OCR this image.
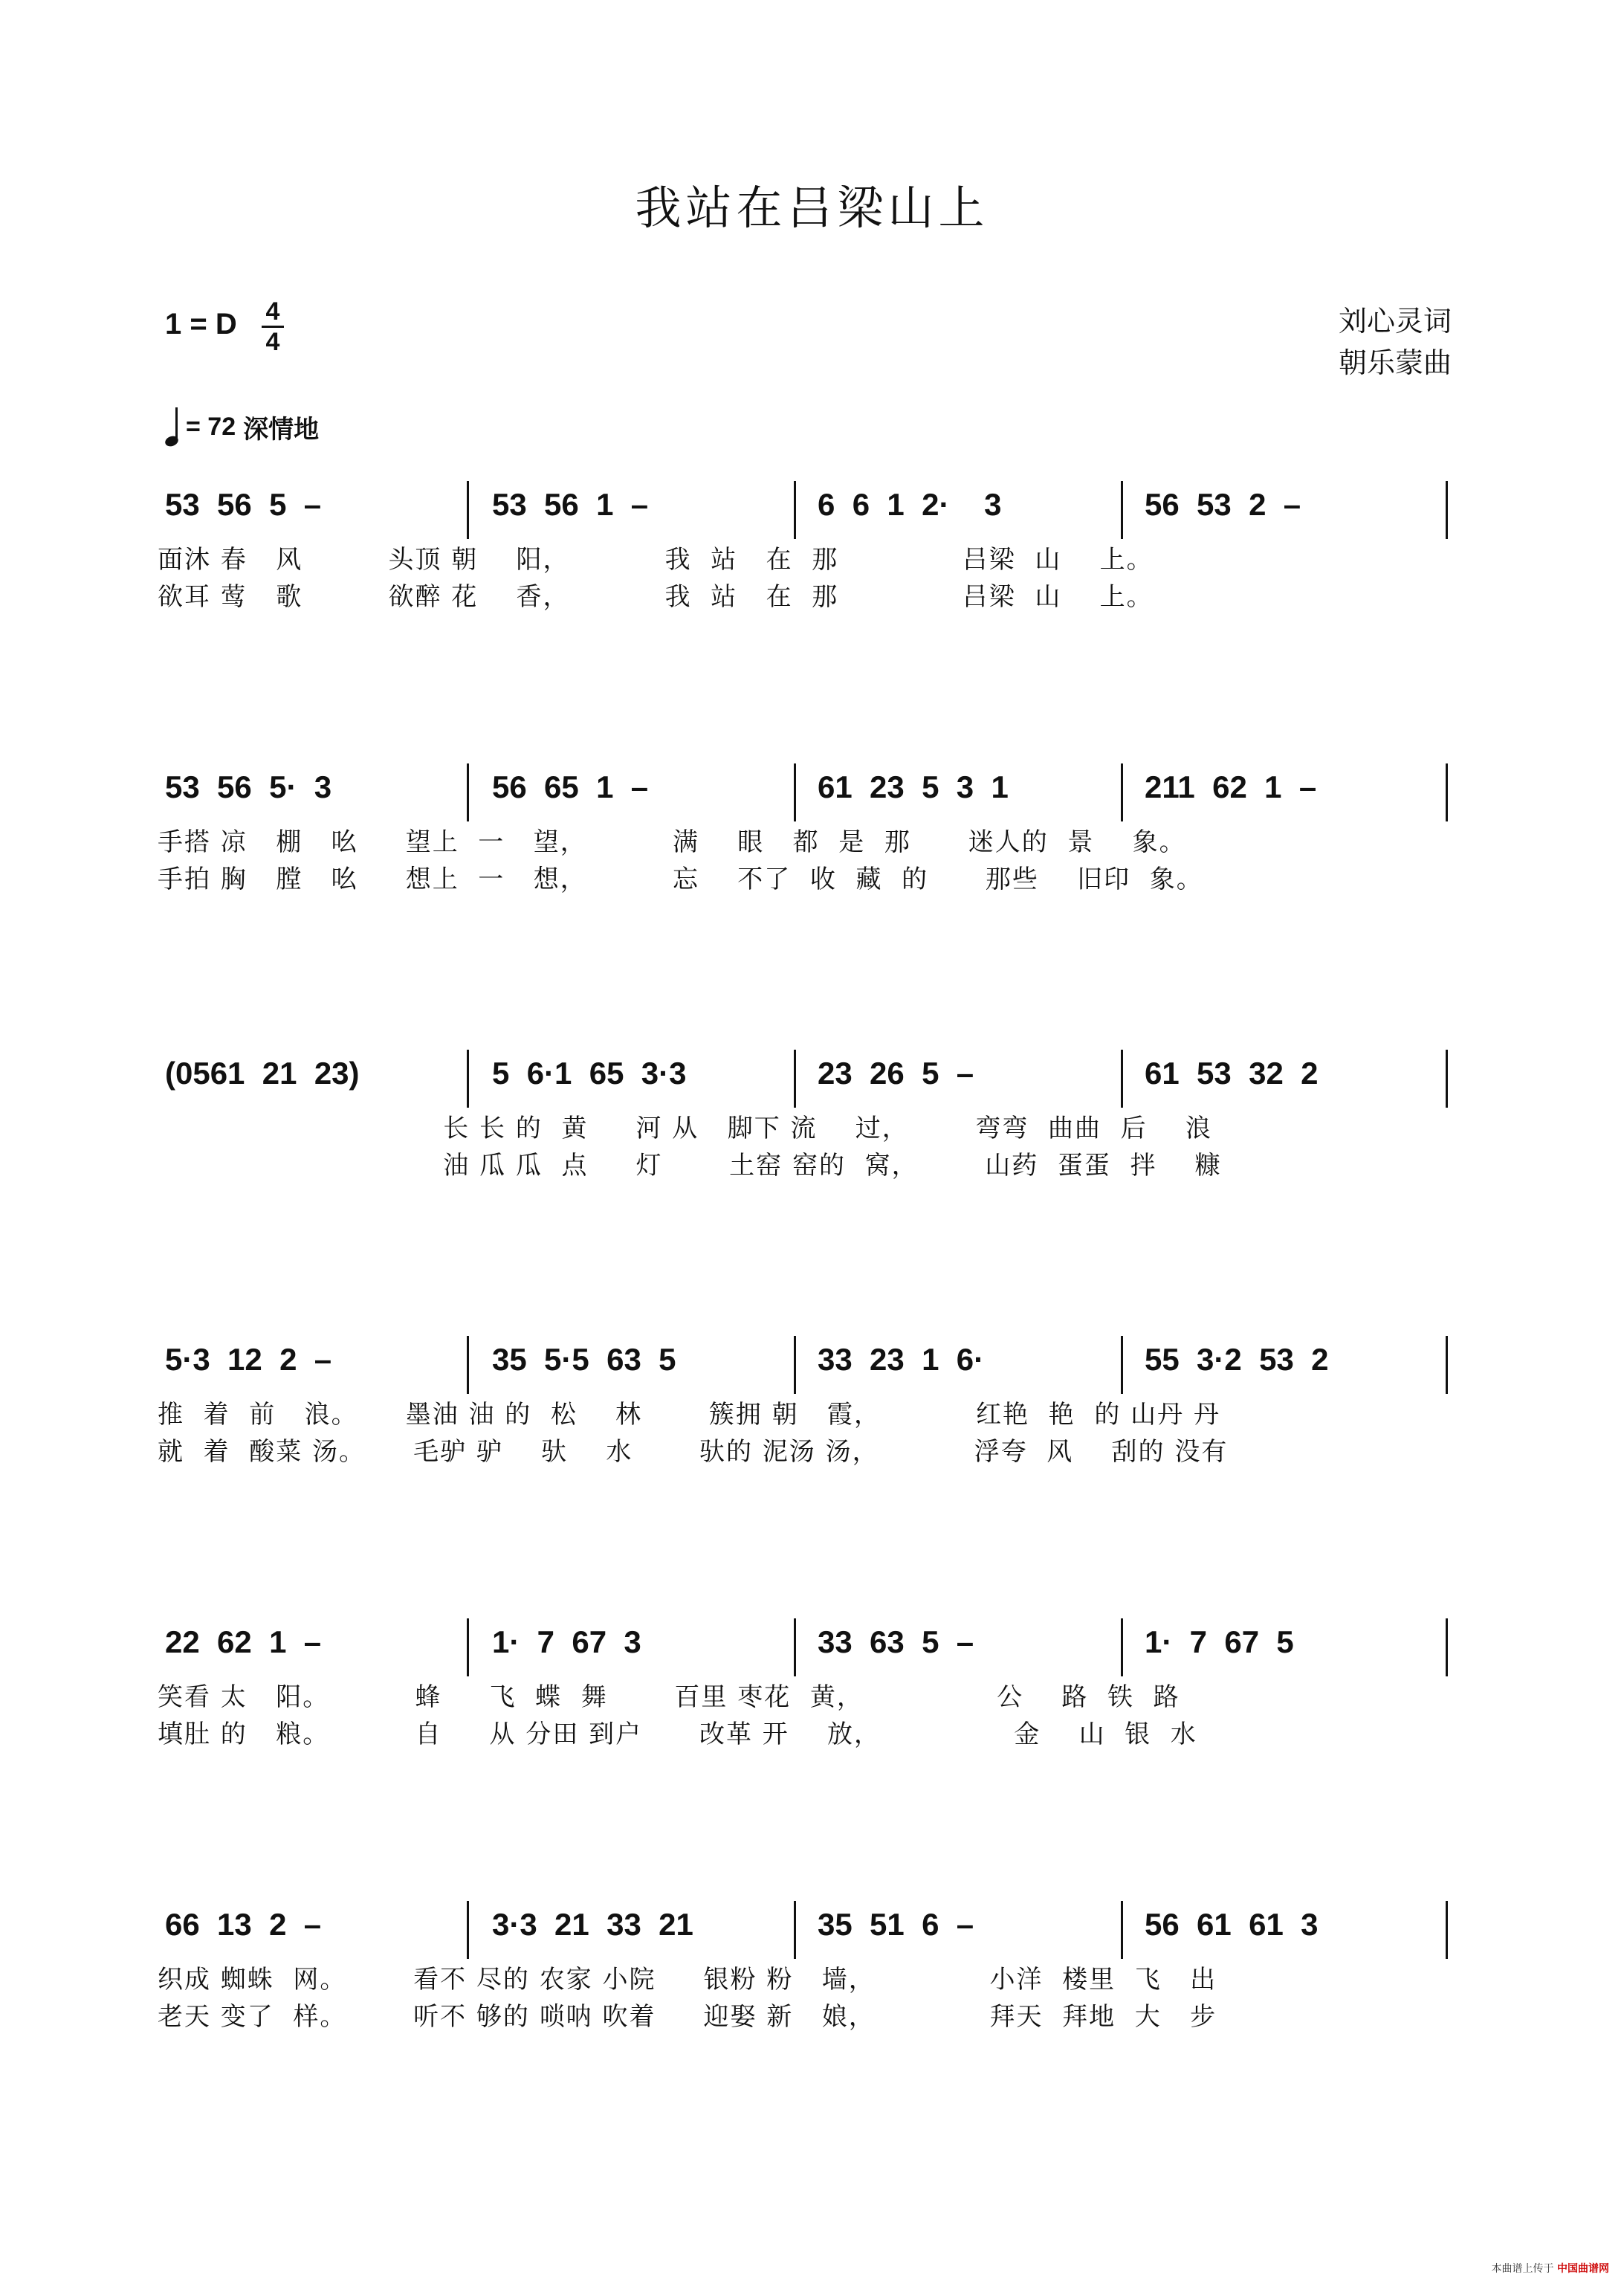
我站在吕梁山上
1 = D 4
4
刘心灵词
朝乐蒙曲
= 72 深情地
53  56  5  –	53  56  1  –	6  6  1  2·    3	56  53  2  –
面沐 春   风         头顶 朝    阳，          我  站   在  那             吕梁  山    上。
欲耳 莺   歌         欲醉 花    香，          我  站   在  那             吕梁  山    上。
53  56  5·  3	56  65  1  –	61  23  5  3  1	211  62  1  –
手搭 凉   棚   吆     望上  一   望，         满    眼   都  是  那      迷人的  景    象。
手拍 胸   膛   吆     想上  一   想，         忘    不了  收  藏  的      那些    旧印  象。
(0561  21  23)	5  6·1  65  3·3	23  26  5  –	61  53  32  2
长 长 的  黄     河 从   脚下 流    过，       弯弯  曲曲  后    浪
油 瓜 瓜  点     灯       土窑 窑的  窝，       山药  蛋蛋  拌    糠
5·3  12  2  –	35  5·5  63  5	33  23  1  6·	55  3·2  53  2
推  着  前   浪。     墨油 油 的  松    林       簇拥 朝   霞，          红艳  艳  的 山丹 丹
就  着  酸菜 汤。     毛驴 驴    驮    水       驮的 泥汤 汤，          浮夸  风    刮的 没有
22  62  1  –	1·  7  67  3	33  63  5  –	1·  7  67  5
笑看 太   阳。         蜂     飞  蝶  舞       百里 枣花  黄，              公    路  铁  路
填肚 的   粮。         自     从 分田 到户      改革 开    放，              金    山  银  水
66  13  2  –	3·3  21  33  21	35  51  6  –	56  61  61  3
织成 蜘蛛  网。       看不 尽的 农家 小院     银粉 粉   墙，            小洋  楼里  飞   出
老天 变了  样。       听不 够的 唢呐 吹着     迎娶 新   娘，            拜天  拜地  大   步
本曲谱上传于 中国曲谱网
